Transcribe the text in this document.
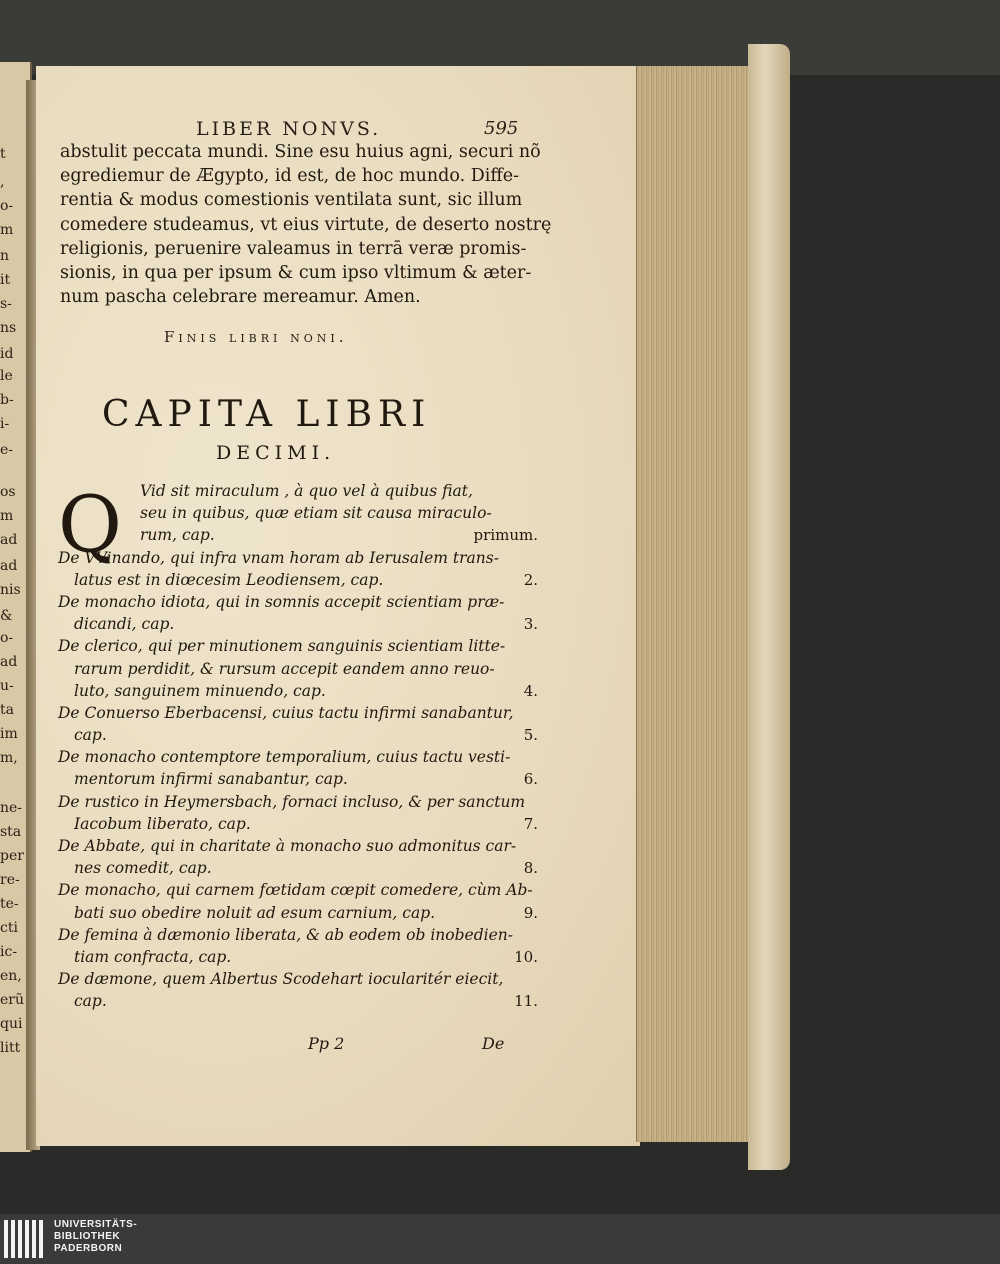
t
,
o-
m
n
it
s-
ns
id
le
b-
i-
e-
os
m
ad
ad
nis
&
o-
ad
u-
ta
im
m,
ne-
sta
per
re-
te-
cti
ic-
en,
erũ
qui
litt
LIBER NONVS.	595
abstulit peccata mundi. Sine esu huius agni, securi nõ
egrediemur de Ægypto, id est, de hoc mundo. Diffe-
rentia & modus comestionis ventilata sunt, sic illum
comedere studeamus, vt eius virtute, de deserto nostrę
religionis, peruenire valeamus in terrā veræ promis-
sionis, in qua per ipsum & cum ipso vltimum & æter-
num pascha celebrare mereamur. Amen.
Finis libri noni.
CAPITA LIBRI
DECIMI.
Q	Vid sit miraculum , à quo vel à quibus fiat,
seu in quibus, quæ etiam sit causa miraculo-
rum, cap.	primum.
De VVinando, qui infra vnam horam ab Ierusalem trans-
latus est in diœcesim Leodiensem, cap.	2.
De monacho idiota, qui in somnis accepit scientiam præ-
dicandi, cap.	3.
De clerico, qui per minutionem sanguinis scientiam litte-
rarum perdidit, & rursum accepit eandem anno reuo-
luto, sanguinem minuendo, cap.	4.
De Conuerso Eberbacensi, cuius tactu infirmi sanabantur,
cap.	5.
De monacho contemptore temporalium, cuius tactu vesti-
mentorum infirmi sanabantur, cap.	6.
De rustico in Heymersbach, fornaci incluso, & per sanctum
Iacobum liberato, cap.	7.
De Abbate, qui in charitate à monacho suo admonitus car-
nes comedit, cap.	8.
De monacho, qui carnem fœtidam cœpit comedere, cùm Ab-
bati suo obedire noluit ad esum carnium, cap.	9.
De femina à dæmonio liberata, & ab eodem ob inobedien-
tiam confracta, cap.	10.
De dæmone, quem Albertus Scodehart iocularitér eiecit,
cap.	11.
Pp 2	De
UNIVERSITÄTS-
BIBLIOTHEK
PADERBORN
